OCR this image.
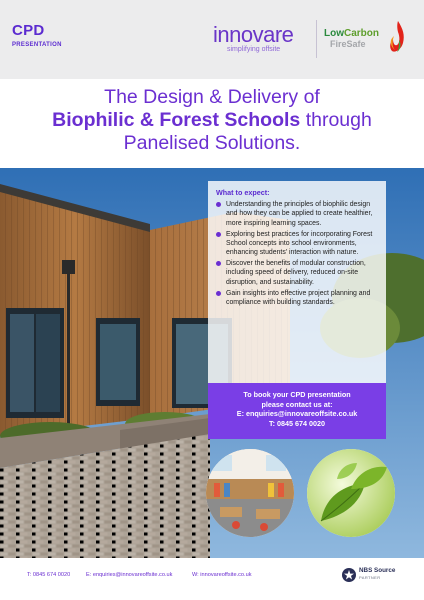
CPD
PRESENTATION	innovare
simplifying offsite
LowCarbon
FireSafe
The Design & Delivery of
Biophilic & Forest Schools through
Panelised Solutions.
What to expect:
Understanding the principles of biophilic design and how they can be applied to create healthier, more inspiring learning spaces.
Exploring best practices for incorporating Forest School concepts into school environments, enhancing students' interaction with nature.
Discover the benefits of modular construction, including speed of delivery, reduced on-site disruption, and sustainability.
Gain insights into effective project planning and compliance with building standards.
To book your CPD presentation
please contact us at:
E: enquiries@innovareoffsite.co.uk
T: 0845 674 0020
T: 0845 674 0020	E: enquiries@innovareoffsite.co.uk	W: innovareoffsite.co.uk
NBS Source
PARTNER
